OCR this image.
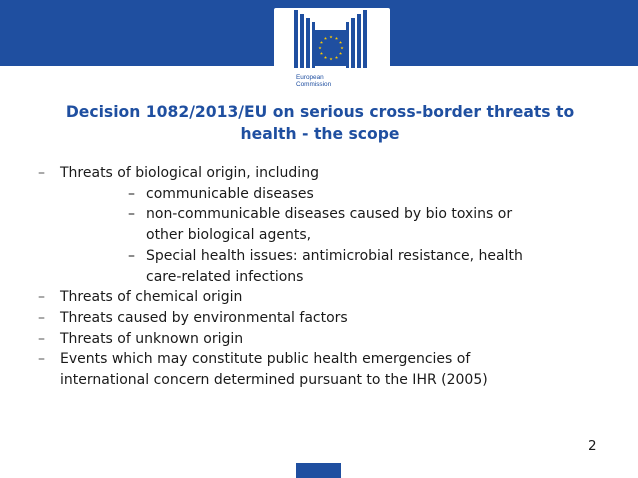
European
Commission
Decision 1082/2013/EU on serious cross-border threats to
health - the scope
– Threats of biological origin, including
– communicable diseases
– non-communicable diseases caused by bio toxins or
other biological agents,
– Special health issues: antimicrobial resistance, health
care-related infections
– Threats of chemical origin
– Threats caused by environmental factors
– Threats of unknown origin
– Events which may constitute public health emergencies of
international concern determined pursuant to the IHR (2005)
2
